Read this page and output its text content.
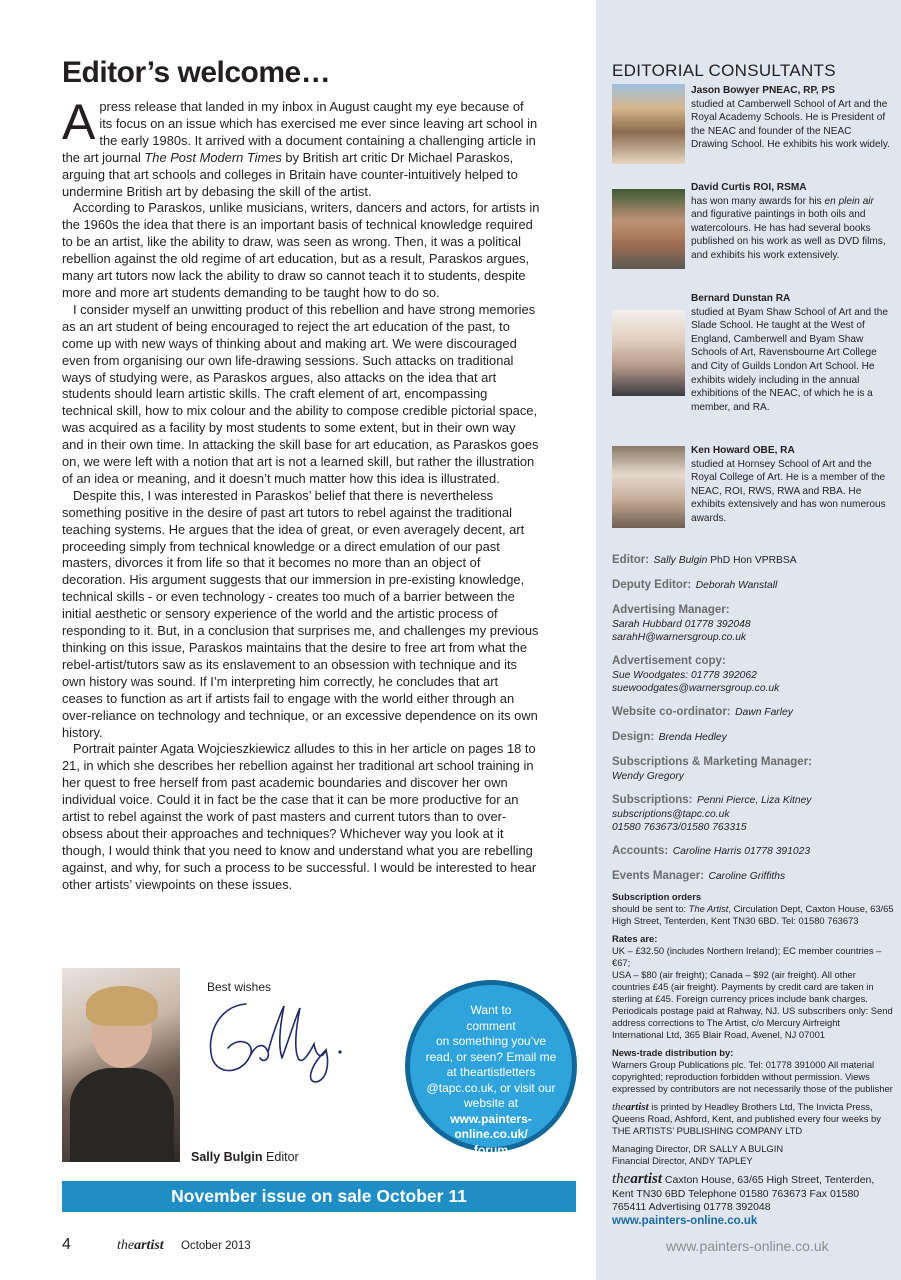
Editor’s welcome…

Apress release that landed in my inbox in August caught my eye because of its focus on an issue which has exercised me ever since leaving art school in the early 1980s. It arrived with a document containing a challenging article in the art journal The Post Modern Times by British art critic Dr Michael Paraskos, arguing that art schools and colleges in Britain have counter-intuitively helped to undermine British art by debasing the skill of the artist.

According to Paraskos, unlike musicians, writers, dancers and actors, for artists in the 1960s the idea that there is an important basis of technical knowledge required to be an artist, like the ability to draw, was seen as wrong. Then, it was a political rebellion against the old regime of art education, but as a result, Paraskos argues, many art tutors now lack the ability to draw so cannot teach it to students, despite more and more art students demanding to be taught how to do so.

I consider myself an unwitting product of this rebellion and have strong memories as an art student of being encouraged to reject the art education of the past, to come up with new ways of thinking about and making art. We were discouraged even from organising our own life-drawing sessions. Such attacks on traditional ways of studying were, as Paraskos argues, also attacks on the idea that art students should learn artistic skills. The craft element of art, encompassing technical skill, how to mix colour and the ability to compose credible pictorial space, was acquired as a facility by most students to some extent, but in their own way and in their own time. In attacking the skill base for art education, as Paraskos goes on, we were left with a notion that art is not a learned skill, but rather the illustration of an idea or meaning, and it doesn’t much matter how this idea is illustrated.

Despite this, I was interested in Paraskos’ belief that there is nevertheless something positive in the desire of past art tutors to rebel against the traditional teaching systems. He argues that the idea of great, or even averagely decent, art proceeding simply from technical knowledge or a direct emulation of our past masters, divorces it from life so that it becomes no more than an object of decoration. His argument suggests that our immersion in pre-existing knowledge, technical skills - or even technology - creates too much of a barrier between the initial aesthetic or sensory experience of the world and the artistic process of responding to it. But, in a conclusion that surprises me, and challenges my previous thinking on this issue, Paraskos maintains that the desire to free art from what the rebel-artist/tutors saw as its enslavement to an obsession with technique and its own history was sound. If I’m interpreting him correctly, he concludes that art ceases to function as art if artists fail to engage with the world either through an over-reliance on technology and technique, or an excessive dependence on its own history.

Portrait painter Agata Wojcieszkiewicz alludes to this in her article on pages 18 to 21, in which she describes her rebellion against her traditional art school training in her quest to free herself from past academic boundaries and discover her own individual voice. Could it in fact be the case that it can be more productive for an artist to rebel against the work of past masters and current tutors than to over-obsess about their approaches and techniques? Whichever way you look at it though, I would think that you need to know and understand what you are rebelling against, and why, for such a process to be successful. I would be interested to hear other artists’ viewpoints on these issues.

Best wishes
Sally Bulgin Editor
Want to
comment
on something you’ve
read, or seen? Email me
at theartistletters
@tapc.co.uk, or visit our
website at
www.painters-
online.co.uk/
forum
November issue on sale October 11
4	theartist October 2013	www.painters-online.co.uk
EDITORIAL CONSULTANTS
Jason Bowyer PNEAC, RP, PS
studied at Camberwell School of Art and the Royal Academy Schools. He is President of the NEAC and founder of the NEAC Drawing School. He exhibits his work widely.
David Curtis ROI, RSMA
has won many awards for his en plein air and figurative paintings in both oils and watercolours. He has had several books published on his work as well as DVD films, and exhibits his work extensively.
Bernard Dunstan RA
studied at Byam Shaw School of Art and the Slade School. He taught at the West of England, Camberwell and Byam Shaw Schools of Art, Ravensbourne Art College and City of Guilds London Art School. He exhibits widely including in the annual exhibitions of the NEAC, of which he is a member, and RA.
Ken Howard OBE, RA
studied at Hornsey School of Art and the Royal College of Art. He is a member of the NEAC, ROI, RWS, RWA and RBA. He exhibits extensively and has won numerous awards.
Editor: Sally Bulgin PhD Hon VPRBSA
Deputy Editor: Deborah Wanstall
Advertising Manager:
Sarah Hubbard 01778 392048
sarahH@warnersgroup.co.uk
Advertisement copy:
Sue Woodgates: 01778 392062
suewoodgates@warnersgroup.co.uk
Website co-ordinator: Dawn Farley
Design: Brenda Hedley
Subscriptions & Marketing Manager:
Wendy Gregory
Subscriptions: Penni Pierce, Liza Kitney
subscriptions@tapc.co.uk
01580 763673/01580 763315
Accounts: Caroline Harris 01778 391023
Events Manager: Caroline Griffiths
Subscription orders
should be sent to: The Artist, Circulation Dept, Caxton House, 63/65 High Street, Tenterden, Kent TN30 6BD. Tel: 01580 763673
Rates are:
UK – £32.50 (includes Northern Ireland); EC member countries – €67;
USA – $80 (air freight); Canada – $92 (air freight). All other countries £45 (air freight). Payments by credit card are taken in sterling at £45. Foreign currency prices include bank charges. Periodicals postage paid at Rahway, NJ. US subscribers only: Send address corrections to The Artist, c/o Mercury Airfreight International Ltd, 365 Blair Road, Avenel, NJ 07001
News-trade distribution by:
Warners Group Publications plc. Tel: 01778 391000 All material copyrighted; reproduction forbidden without permission. Views expressed by contributors are not necessarily those of the publisher
theartist is printed by Headley Brothers Ltd, The Invicta Press, Queens Road, Ashford, Kent, and published every four weeks by THE ARTISTS’ PUBLISHING COMPANY LTD
Managing Director, DR SALLY A BULGIN
Financial Director, ANDY TAPLEY
theartist Caxton House, 63/65 High Street, Tenterden, Kent TN30 6BD Telephone 01580 763673 Fax 01580 765411 Advertising 01778 392048
www.painters-online.co.uk
